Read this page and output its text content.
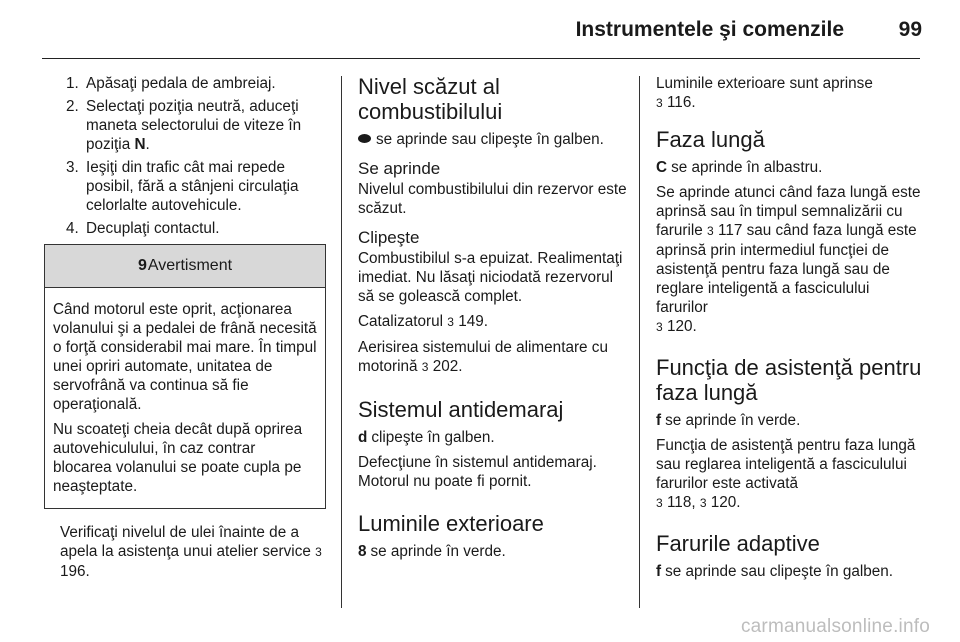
Instrumentele şi comenzile	99
1. Apăsaţi pedala de ambreiaj.
2. Selectaţi poziţia neutră, aduceţi maneta selectorului de viteze în poziţia N.
3. Ieşiţi din trafic cât mai repede posibil, fără a stânjeni circulaţia celorlalte autovehicule.
4. Decuplaţi contactul.
9Avertisment

Când motorul este oprit, acţionarea volanului şi a pedalei de frână necesită o forţă considerabil mai mare. În timpul unei opriri automate, unitatea de servofrână va continua să fie operaţională.

Nu scoateţi cheia decât după oprirea autovehiculului, în caz contrar blocarea volanului se poate cupla pe neaşteptate.

Verificaţi nivelul de ulei înainte de a apela la asistenţa unui atelier service 3 196.

Nivel scăzut al combustibilului

se aprinde sau clipeşte în galben.

Se aprinde

Nivelul combustibilului din rezervor este scăzut.

Clipeşte

Combustibilul s-a epuizat. Realimentaţi imediat. Nu lăsaţi niciodată rezervorul să se golească complet.

Catalizatorul 3 149.

Aerisirea sistemului de alimentare cu motorină 3 202.

Sistemul antidemaraj

d clipeşte în galben.

Defecţiune în sistemul antidemaraj. Motorul nu poate fi pornit.

Luminile exterioare

8 se aprinde în verde.

Luminile exterioare sunt aprinse
3 116.

Faza lungă

C se aprinde în albastru.

Se aprinde atunci când faza lungă este aprinsă sau în timpul semnalizării cu farurile 3 117 sau când faza lungă este aprinsă prin intermediul funcţiei de asistenţă pentru faza lungă sau de reglare inteligentă a fasciculului farurilor
3 120.

Funcţia de asistenţă pentru faza lungă

f se aprinde în verde.

Funcţia de asistenţă pentru faza lungă sau reglarea inteligentă a fasciculului farurilor este activată
3 118, 3 120.

Farurile adaptive

f se aprinde sau clipeşte în galben.

carmanualsonline.info
